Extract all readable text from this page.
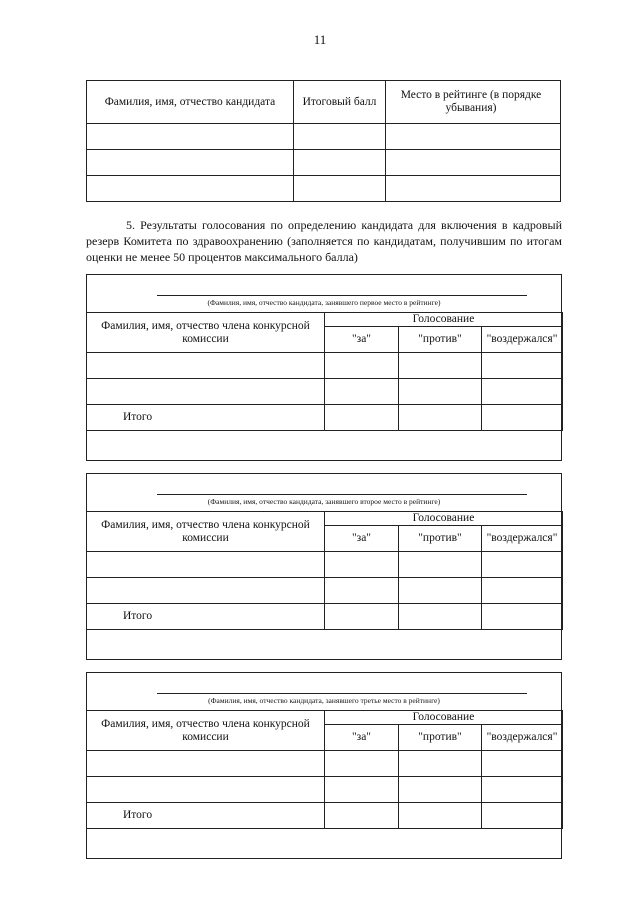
11
Фамилия, имя, отчество кандидата	Итоговый балл	Место в рейтинге (в порядке убывания)

5. Результаты голосования по определению кандидата для включения в кадровый резерв Комитета по здравоохранению (заполняется по кандидатам, получившим по итогам оценки не менее 50 процентов максимального балла)
(Фамилия, имя, отчество кандидата, занявшего первое место в рейтинге)
Фамилия, имя, отчество члена конкурсной комиссии	Голосование		
	"за"	"против"	"воздержался"

Итого			
(Фамилия, имя, отчество кандидата, занявшего второе место в рейтинге)
Фамилия, имя, отчество члена конкурсной комиссии	Голосование		
	"за"	"против"	"воздержался"

Итого			
(Фамилия, имя, отчество кандидата, занявшего третье место в рейтинге)
Фамилия, имя, отчество члена конкурсной комиссии	Голосование		
	"за"	"против"	"воздержался"

Итого			
